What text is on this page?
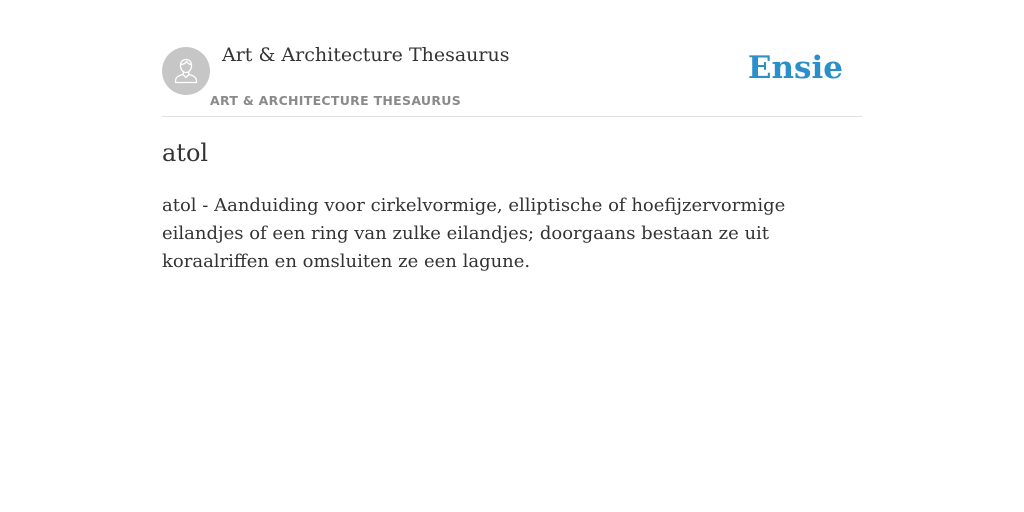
Art & Architecture Thesaurus
ART & ARCHITECTURE THESAURUS
Ensie
atol

atol - Aanduiding voor cirkelvormige, elliptische of hoefijzervormige eilandjes of een ring van zulke eilandjes; doorgaans bestaan ze uit koraalriffen en omsluiten ze een lagune.
